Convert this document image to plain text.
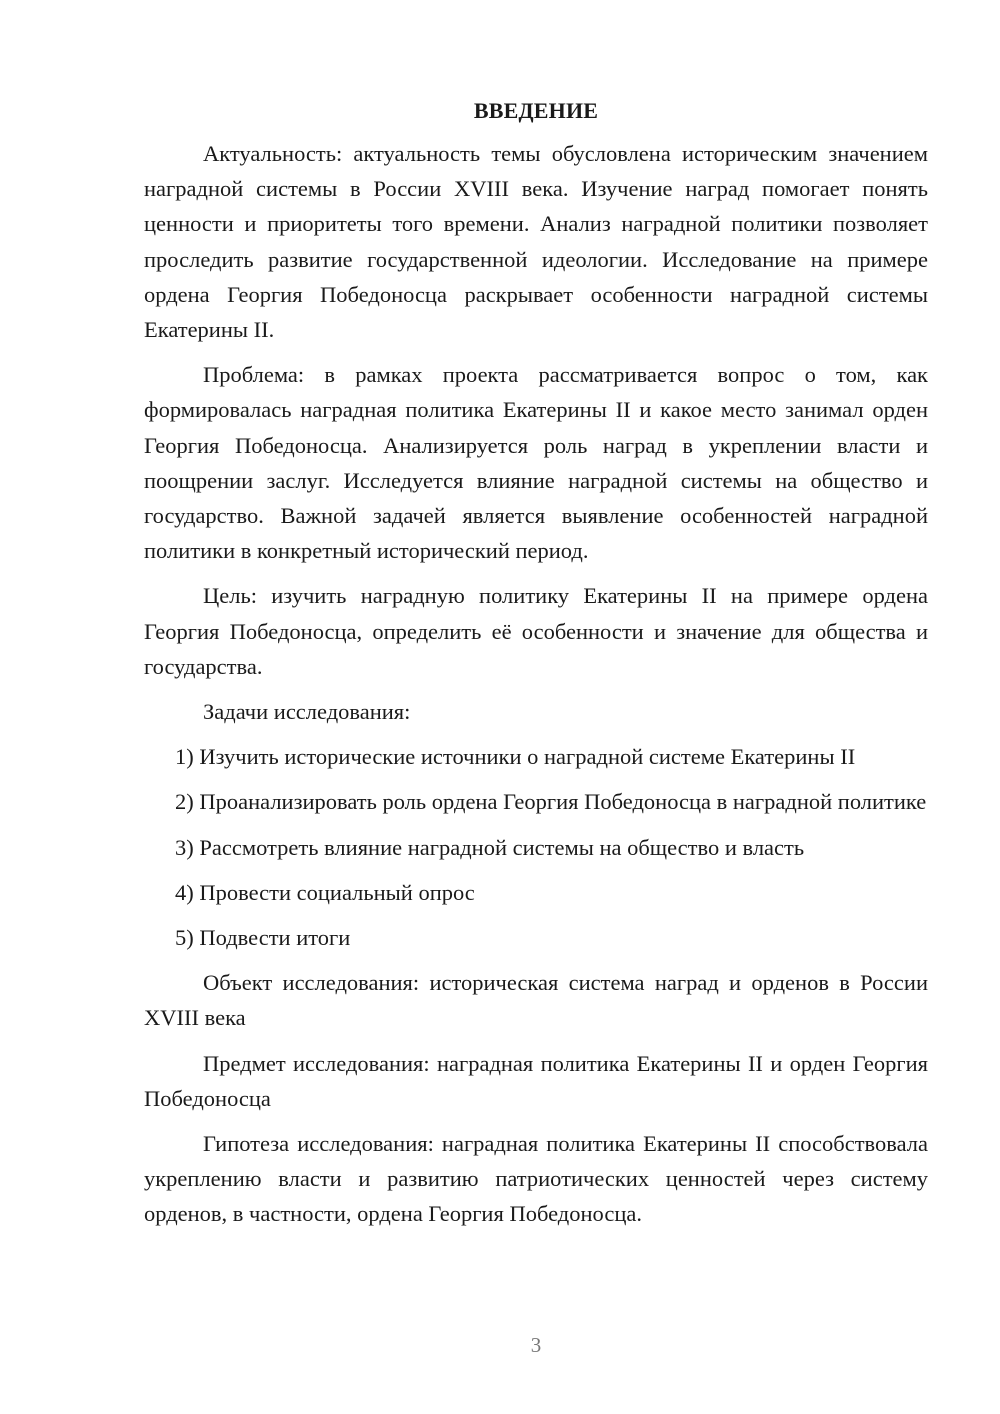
ВВЕДЕНИЕ

Актуальность: актуальность темы обусловлена историческим значением наградной системы в России XVIII века. Изучение наград помогает понять ценности и приоритеты того времени. Анализ наградной политики позволяет проследить развитие государственной идеологии. Исследование на примере ордена Георгия Победоносца раскрывает особенности наградной системы Екатерины II.

Проблема: в рамках проекта рассматривается вопрос о том, как формировалась наградная политика Екатерины II и какое место занимал орден Георгия Победоносца. Анализируется роль наград в укреплении власти и поощрении заслуг. Исследуется влияние наградной системы на общество и государство. Важной задачей является выявление особенностей наградной политики в конкретный исторический период.

Цель: изучить наградную политику Екатерины II на примере ордена Георгия Победоносца, определить её особенности и значение для общества и государства.

Задачи исследования:

1) Изучить исторические источники о наградной системе Екатерины II

2) Проанализировать роль ордена Георгия Победоносца в наградной политике

3) Рассмотреть влияние наградной системы на общество и власть

4) Провести социальный опрос

5) Подвести итоги

Объект исследования: историческая система наград и орденов в России XVIII века

Предмет исследования: наградная политика Екатерины II и орден Георгия Победоносца

Гипотеза исследования: наградная политика Екатерины II способствовала укреплению власти и развитию патриотических ценностей через систему орденов, в частности, ордена Георгия Победоносца.

3
